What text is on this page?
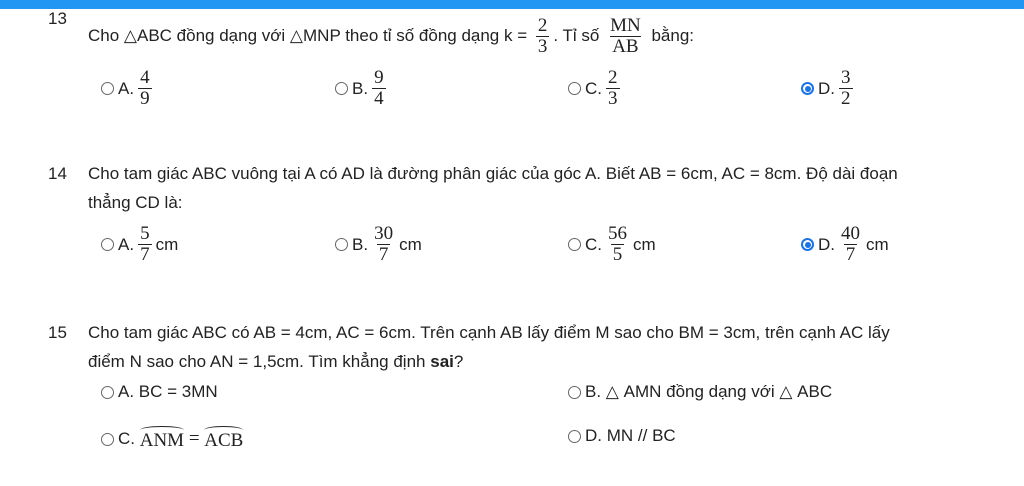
13
Cho △ABC đồng dạng với △MNP theo tỉ số đồng dạng $k = \frac{2}{3}$ . Tỉ số $\frac{MN}{AB}$ bằng:
A. $\frac{4}{9}$	B. $\frac{9}{4}$	C. $\frac{2}{3}$	D. $\frac{3}{2}$
14 Cho tam giác ABC vuông tại A có AD là đường phân giác của góc A. Biết AB = 6cm, AC = 8cm. Độ dài đoạn
thẳng CD là:
A. $\frac{5}{7}$ cm	B. $\frac{30}{7}$ cm	C. $\frac{56}{5}$ cm	D. $\frac{40}{7}$ cm
15 Cho tam giác ABC có AB = 4cm, AC = 6cm. Trên cạnh AB lấy điểm M sao cho BM = 3cm, trên cạnh AC lấy
điểm N sao cho AN = 1,5cm. Tìm khẳng định sai?
A.
BC = 3MN	B.
△
AMN đồng dạng với
△
ABC
C.
ANM
=
ACB	D.
MN // BC
